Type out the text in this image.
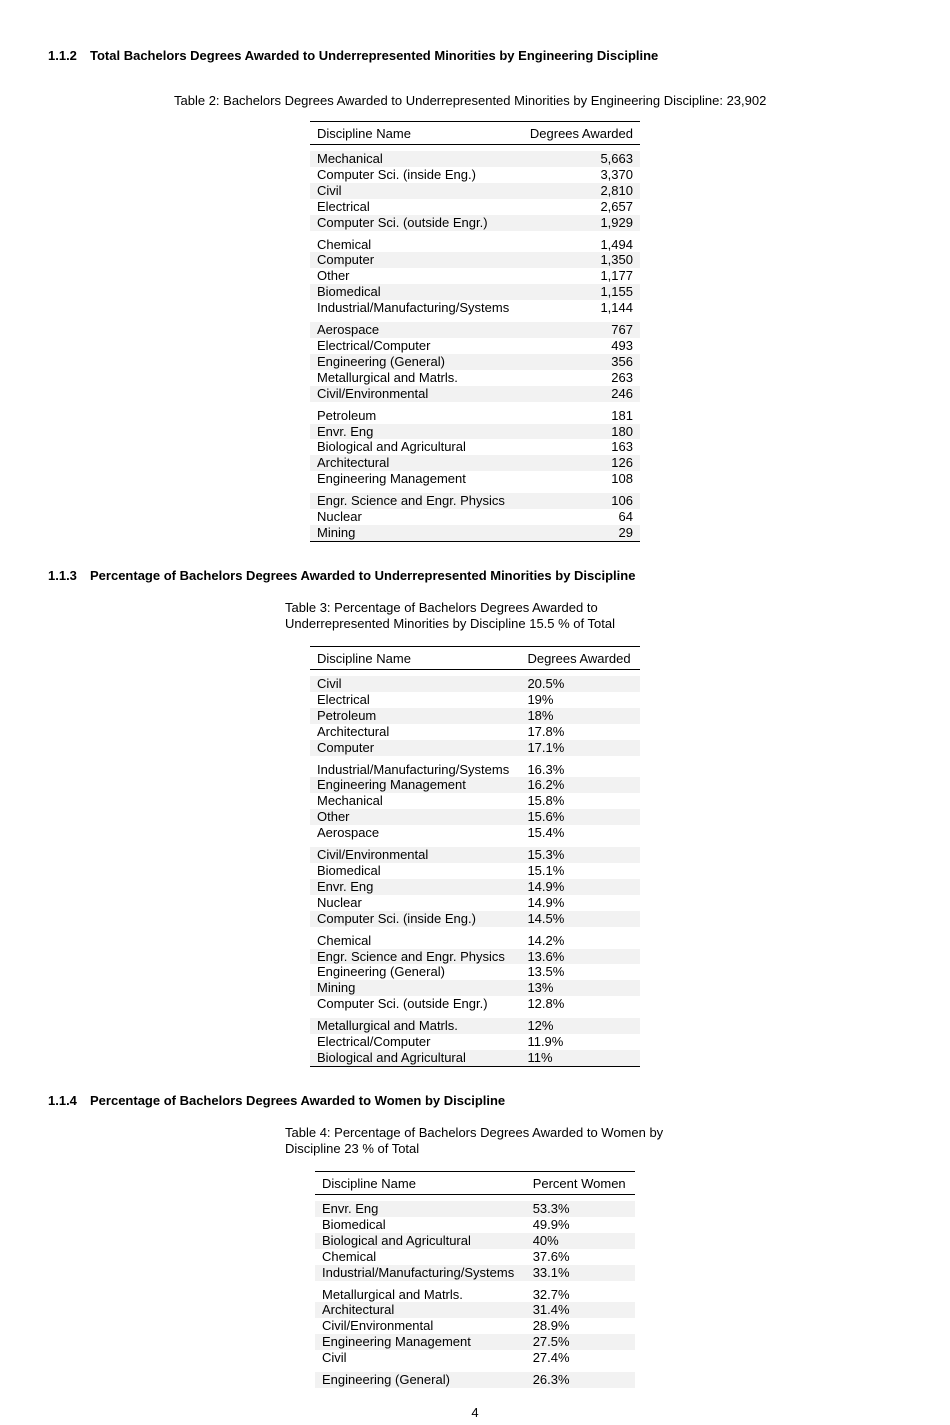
1.1.2 Total Bachelors Degrees Awarded to Underrepresented Minorities by Engineering Discipline
Table 2: Bachelors Degrees Awarded to Underrepresented Minorities by Engineering Discipline: 23,902
Discipline Name	Degrees Awarded

Mechanical	5,663
Computer Sci. (inside Eng.)	3,370
Civil	2,810
Electrical	2,657
Computer Sci. (outside Engr.)	1,929

Chemical	1,494
Computer	1,350
Other	1,177
Biomedical	1,155
Industrial/Manufacturing/Systems	1,144

Aerospace	767
Electrical/Computer	493
Engineering (General)	356
Metallurgical and Matrls.	263
Civil/Environmental	246

Petroleum	181
Envr. Eng	180
Biological and Agricultural	163
Architectural	126
Engineering Management	108

Engr. Science and Engr. Physics	106
Nuclear	64
Mining	29
1.1.3 Percentage of Bachelors Degrees Awarded to Underrepresented Minorities by Discipline
Table 3: Percentage of Bachelors Degrees Awarded to Underrepresented Minorities by Discipline 15.5 % of Total
Discipline Name	Degrees Awarded

Civil	20.5%
Electrical	19%
Petroleum	18%
Architectural	17.8%
Computer	17.1%

Industrial/Manufacturing/Systems	16.3%
Engineering Management	16.2%
Mechanical	15.8%
Other	15.6%
Aerospace	15.4%

Civil/Environmental	15.3%
Biomedical	15.1%
Envr. Eng	14.9%
Nuclear	14.9%
Computer Sci. (inside Eng.)	14.5%

Chemical	14.2%
Engr. Science and Engr. Physics	13.6%
Engineering (General)	13.5%
Mining	13%
Computer Sci. (outside Engr.)	12.8%

Metallurgical and Matrls.	12%
Electrical/Computer	11.9%
Biological and Agricultural	11%
1.1.4 Percentage of Bachelors Degrees Awarded to Women by Discipline
Table 4: Percentage of Bachelors Degrees Awarded to Women by Discipline 23 % of Total
Discipline Name	Percent Women

Envr. Eng	53.3%
Biomedical	49.9%
Biological and Agricultural	40%
Chemical	37.6%
Industrial/Manufacturing/Systems	33.1%

Metallurgical and Matrls.	32.7%
Architectural	31.4%
Civil/Environmental	28.9%
Engineering Management	27.5%
Civil	27.4%

Engineering (General)	26.3%
4
